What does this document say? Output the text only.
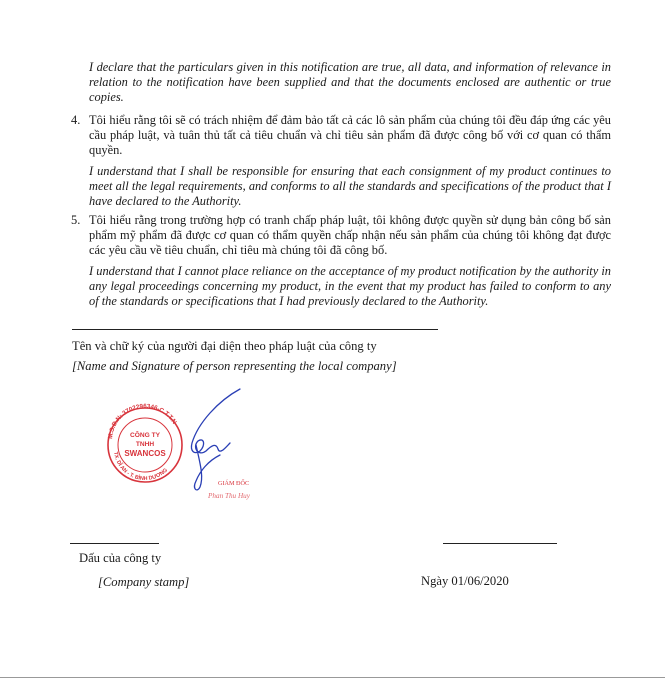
I declare that the particulars given in this notification are true, all data, and information of relevance in relation to the notification have been supplied and that the documents enclosed are authentic or true copies.
4. Tôi hiểu rằng tôi sẽ có trách nhiệm để đảm bảo tất cả các lô sản phẩm của chúng tôi đều đáp ứng các yêu cầu pháp luật, và tuân thủ tất cả tiêu chuẩn và chỉ tiêu sản phẩm đã được công bố với cơ quan có thẩm quyền.
I understand that I shall be responsible for ensuring that each consignment of my product continues to meet all the legal requirements, and conforms to all the standards and specifications of the product that I have declared to the Authority.
5. Tôi hiểu rằng trong trường hợp có tranh chấp pháp luật, tôi không được quyền sử dụng bản công bố sản phẩm mỹ phẩm đã được cơ quan có thẩm quyền chấp nhận nếu sản phẩm của chúng tôi không đạt được các yêu cầu về tiêu chuẩn, chỉ tiêu mà chúng tôi đã công bố.
I understand that I cannot place reliance on the acceptance of my product notification by the authority in any legal proceedings concerning my product, in the event that my product has failed to conform to any of the standards or specifications that I had previously declared to the Authority.
Tên và chữ ký của người đại diện theo pháp luật của công ty
[Name and Signature of person representing the local company]
M.S.D.N: 3702296346-C.T.T.N
TX. DĨ AN - T. BÌNH DƯƠNG
CÔNG TY
TNHH
SWANCOS
GIÁM ĐỐC
Phan Thu Huy
Dấu của công ty
[Company stamp]	Ngày 01/06/2020
